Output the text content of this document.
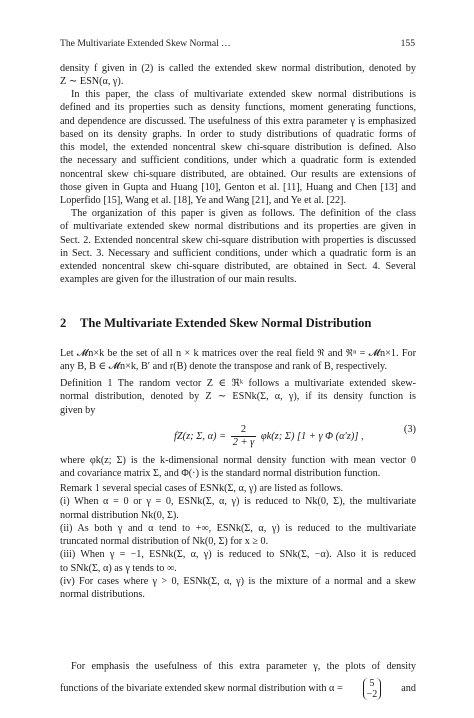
The Multivariate Extended Skew Normal …	155
density f given in (2) is called the extended skew normal distribution, denoted by
Z ∼ ESN(α, γ).
In this paper, the class of multivariate extended skew normal distributions is
defined and its properties such as density functions, moment generating functions,
and dependence are discussed. The usefulness of this extra parameter γ is emphasized
based on its density graphs. In order to study distributions of quadratic forms of
this model, the extended noncentral skew chi-square distribution is defined. Also
the necessary and sufficient conditions, under which a quadratic form is extended
noncentral skew chi-square distributed, are obtained. Our results are extensions of
those given in Gupta and Huang [10], Genton et al. [11], Huang and Chen [13] and
Loperfido [15], Wang et al. [18], Ye and Wang [21], and Ye et al. [22].
The organization of this paper is given as follows. The definition of the class
of multivariate extended skew normal distributions and its properties are given in
Sect. 2. Extended noncentral skew chi-square distribution with properties is discussed
in Sect. 3. Necessary and sufficient conditions, under which a quadratic form is an
extended noncentral skew chi-square distributed, are obtained in Sect. 4. Several
examples are given for the illustration of our main results.
2 The Multivariate Extended Skew Normal Distribution
Let 𝓜n×k be the set of all n × k matrices over the real field ℜ and ℜⁿ = 𝓜n×1. For
any B, B ∈ 𝓜n×k, B′ and r(B) denote the transpose and rank of B, respectively.
Definition 1 The random vector Z ∈ ℜᵏ follows a multivariate extended skew-
normal distribution, denoted by Z ∼ ESNk(Σ, α, γ), if its density function is
given by
fZ(z; Σ, $\alpha) = \frac{2}{2 + \gamma} \varphi k(z$; Σ) [1 + γ Φ (α′z)] ,
(3)
where φk(z; Σ) is the k-dimensional normal density function with mean vector 0
and covariance matrix Σ, and Φ(·) is the standard normal distribution function.
Remark 1 several special cases of ESNk(Σ, α, γ) are listed as follows.
(i) When α = 0 or γ = 0, ESNk(Σ, α, γ) is reduced to Nk(0, Σ), the multivariate
normal distribution Nk(0, Σ).
(ii) As both γ and α tend to +∞, ESNk(Σ, α, γ) is reduced to the multivariate
truncated normal distribution of Nk(0, Σ) for x ≥ 0.
(iii) When γ = −1, ESNk(Σ, α, γ) is reduced to SNk(Σ, −α). Also it is reduced
to SNk(Σ, α) as γ tends to ∞.
(iv) For cases where γ > 0, ESNk(Σ, α, γ) is the mixture of a normal and a skew
normal distributions.
For emphasis the usefulness of this extra parameter γ, the plots of density
functions of the bivariate extended skew normal distribution with α =	5
−2
and
